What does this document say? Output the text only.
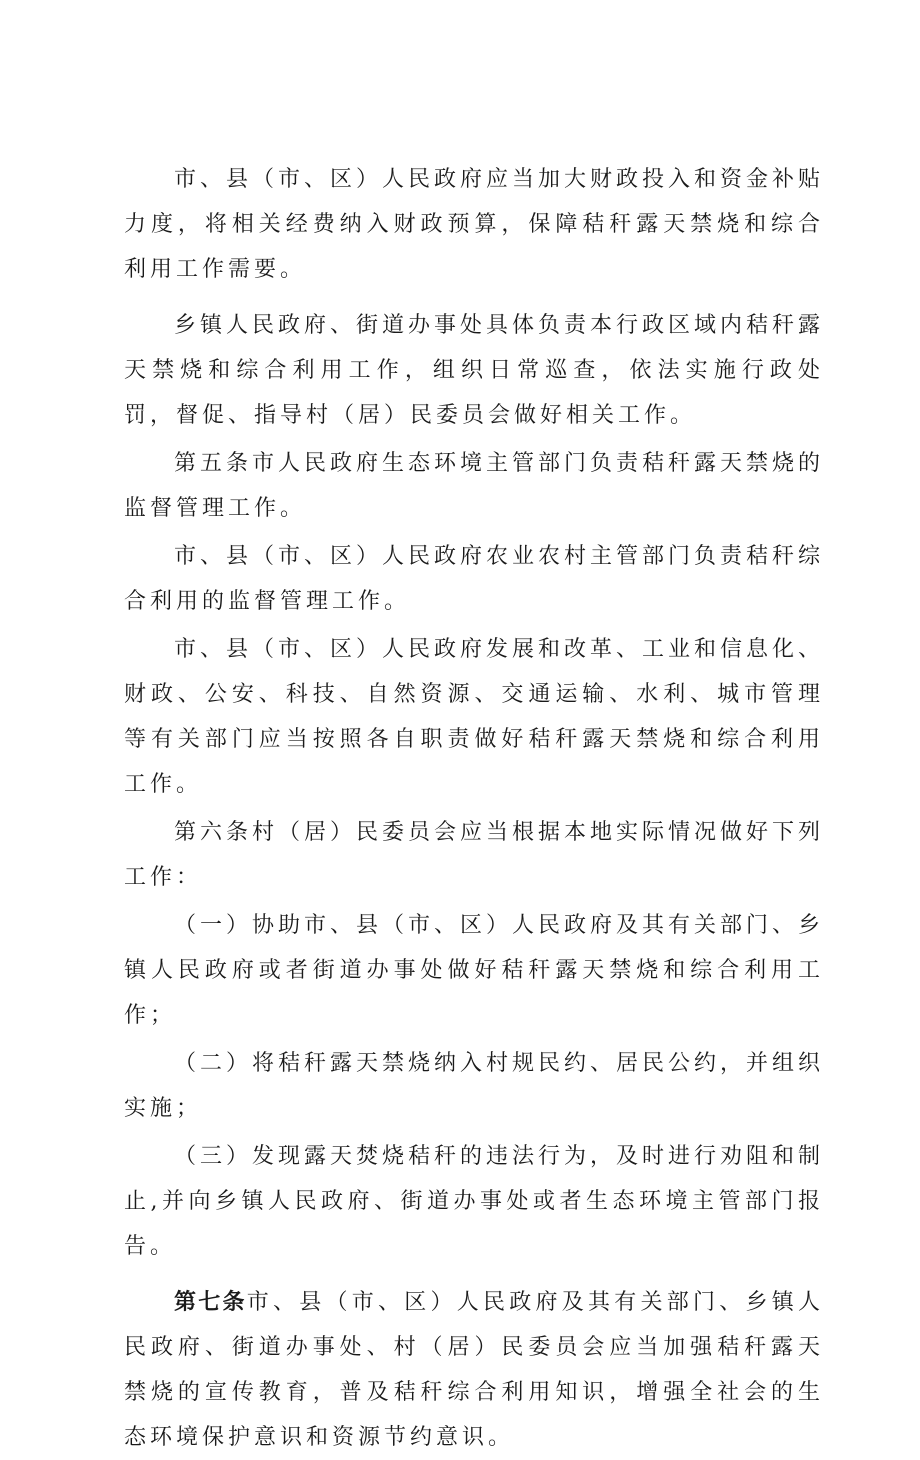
市、县（市、区）人民政府应当加大财政投入和资金补贴力度，将相关经费纳入财政预算，保障秸秆露天禁烧和综合利用工作需要。

乡镇人民政府、街道办事处具体负责本行政区域内秸秆露天禁烧和综合利用工作，组织日常巡查，依法实施行政处罚，督促、指导村（居）民委员会做好相关工作。

第五条市人民政府生态环境主管部门负责秸秆露天禁烧的监督管理工作。

市、县（市、区）人民政府农业农村主管部门负责秸秆综合利用的监督管理工作。

市、县（市、区）人民政府发展和改革、工业和信息化、财政、公安、科技、自然资源、交通运输、水利、城市管理等有关部门应当按照各自职责做好秸秆露天禁烧和综合利用工作。

第六条村（居）民委员会应当根据本地实际情况做好下列工作：

（一）协助市、县（市、区）人民政府及其有关部门、乡镇人民政府或者街道办事处做好秸秆露天禁烧和综合利用工作；

（二）将秸秆露天禁烧纳入村规民约、居民公约，并组织实施；

（三）发现露天焚烧秸秆的违法行为，及时进行劝阻和制止,并向乡镇人民政府、街道办事处或者生态环境主管部门报告。

第七条市、县（市、区）人民政府及其有关部门、乡镇人民政府、街道办事处、村（居）民委员会应当加强秸秆露天禁烧的宣传教育，普及秸秆综合利用知识，增强全社会的生态环境保护意识和资源节约意识。
